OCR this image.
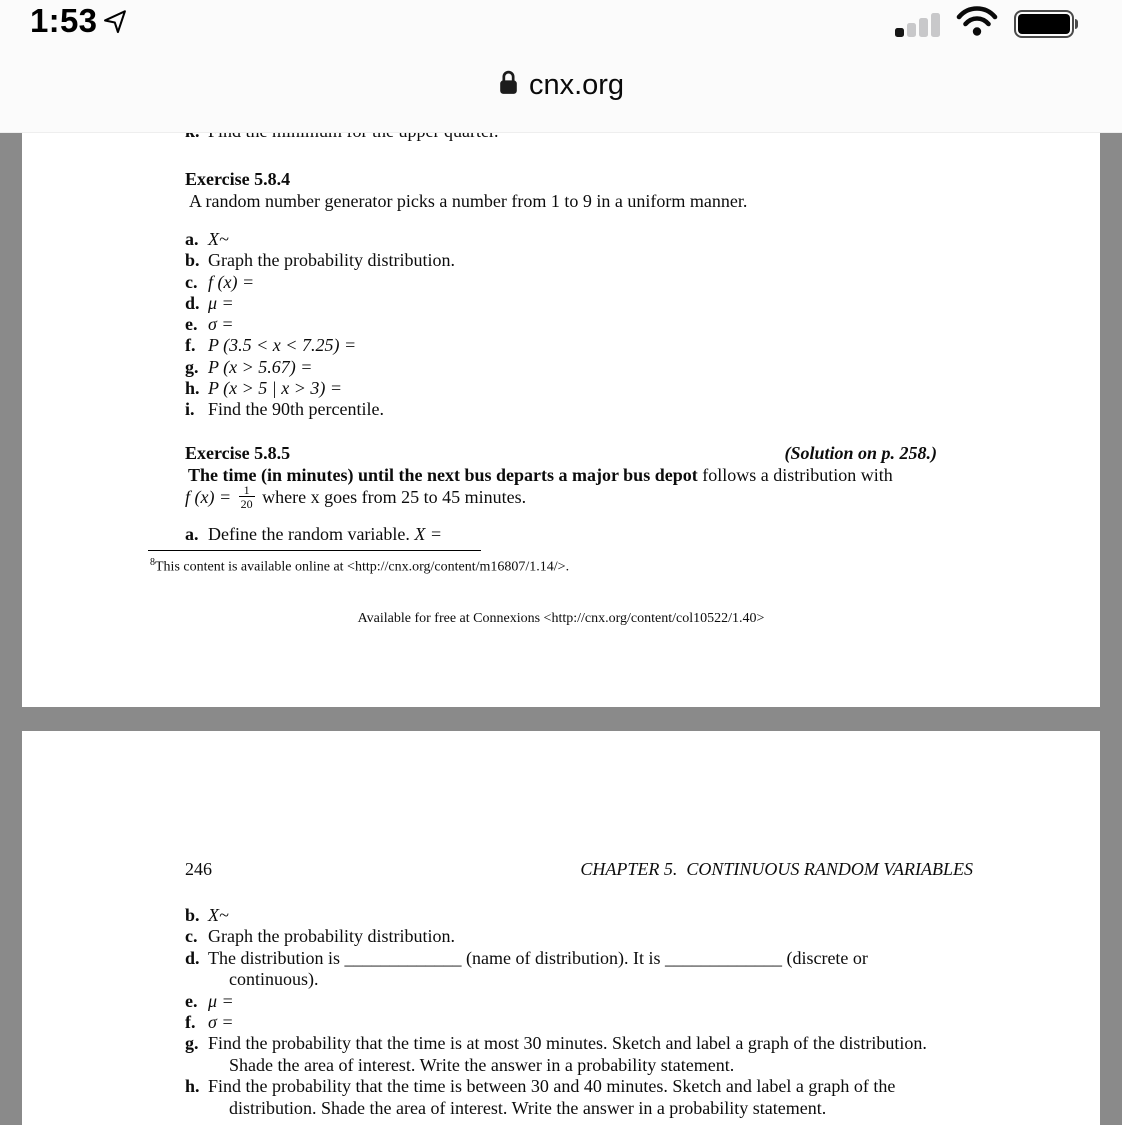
Exercise 5.8.4
A random number generator picks a number from 1 to 9 in a uniform manner.
a. X~
b. Graph the probability distribution.
c. f (x) =
d. μ =
e. σ =
f. P (3.5 < x < 7.25) =
g. P (x > 5.67) =
h. P (x > 5 | x > 3) =
i. Find the 90th percentile.
Exercise 5.8.5	(Solution on p. 258.)
The time (in minutes) until the next bus departs a major bus depot follows a distribution with
f $(x) = \frac{1}{20}$ where x goes from 25 to 45 minutes.
a. Define the random variable. X =
$^8$This content is available online at <http://cnx.org/content/m16807/1.14/>.
Available for free at Connexions <http://cnx.org/content/col10522/1.40>
246	CHAPTER 5.  CONTINUOUS RANDOM VARIABLES
b. X~
c. Graph the probability distribution.
d. The distribution is _____________ (name of distribution). It is _____________ (discrete or continuous).
e. μ =
f. σ =
g. Find the probability that the time is at most 30 minutes. Sketch and label a graph of the distribution. Shade the area of interest. Write the answer in a probability statement.
h. Find the probability that the time is between 30 and 40 minutes. Sketch and label a graph of the distribution. Shade the area of interest. Write the answer in a probability statement.
1:53
cnx.org
